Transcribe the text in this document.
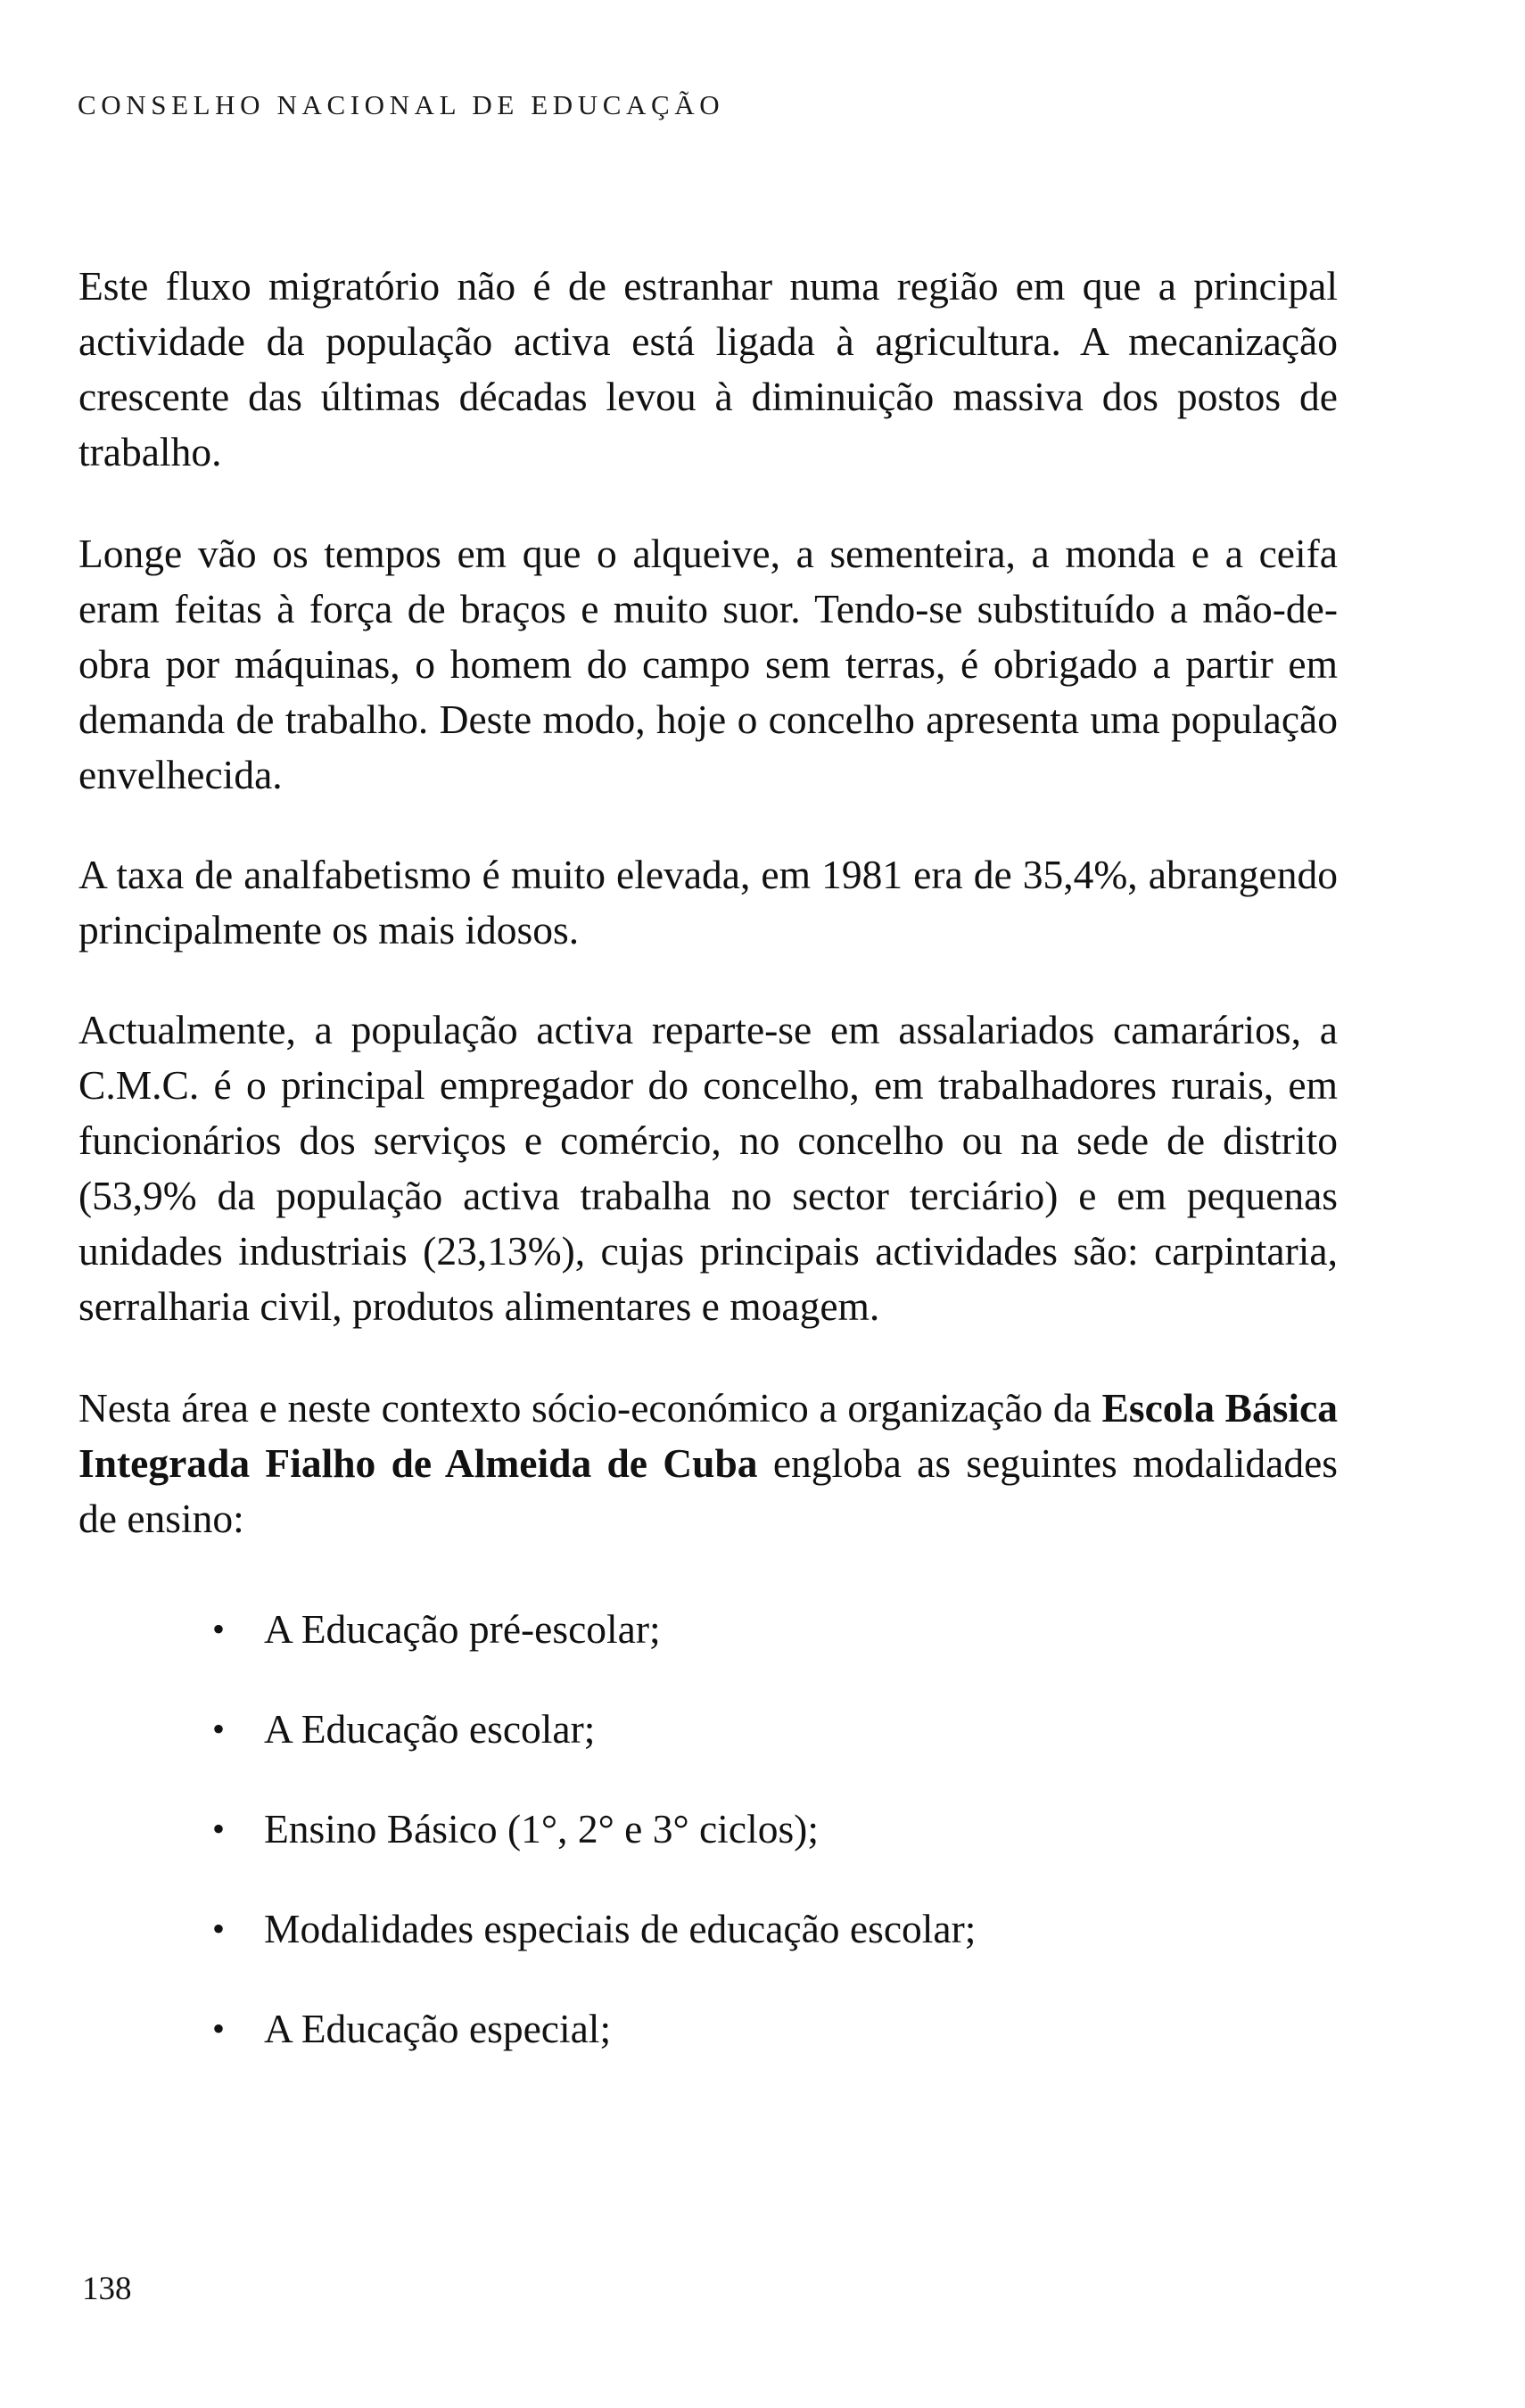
CONSELHO NACIONAL DE EDUCAÇÃO

Este fluxo migratório não é de estranhar numa região em que a principal actividade da população activa está ligada à agricultura. A mecanização crescente das últimas décadas levou à diminuição massiva dos postos de trabalho.

Longe vão os tempos em que o alqueive, a sementeira, a monda e a ceifa eram feitas à força de braços e muito suor. Tendo-se substituído a mão-de-obra por máquinas, o homem do campo sem terras, é obrigado a partir em demanda de trabalho. Deste modo, hoje o concelho apresenta uma população envelhecida.

A taxa de analfabetismo é muito elevada, em 1981 era de 35,4%, abrangendo principalmente os mais idosos.

Actualmente, a população activa reparte-se em assalariados camarários, a C.M.C. é o principal empregador do concelho, em trabalhadores rurais, em funcionários dos serviços e comércio, no concelho ou na sede de distrito (53,9% da população activa trabalha no sector terciário) e em pequenas unidades industriais (23,13%), cujas principais actividades são: carpintaria, serralharia civil, produtos alimentares e moagem.

Nesta área e neste contexto sócio-económico a organização da Escola Básica Integrada Fialho de Almeida de Cuba engloba as seguintes modalidades de ensino:

• A Educação pré-escolar;
• A Educação escolar;
• Ensino Básico (1°, 2° e 3° ciclos);
• Modalidades especiais de educação escolar;
• A Educação especial;
138
